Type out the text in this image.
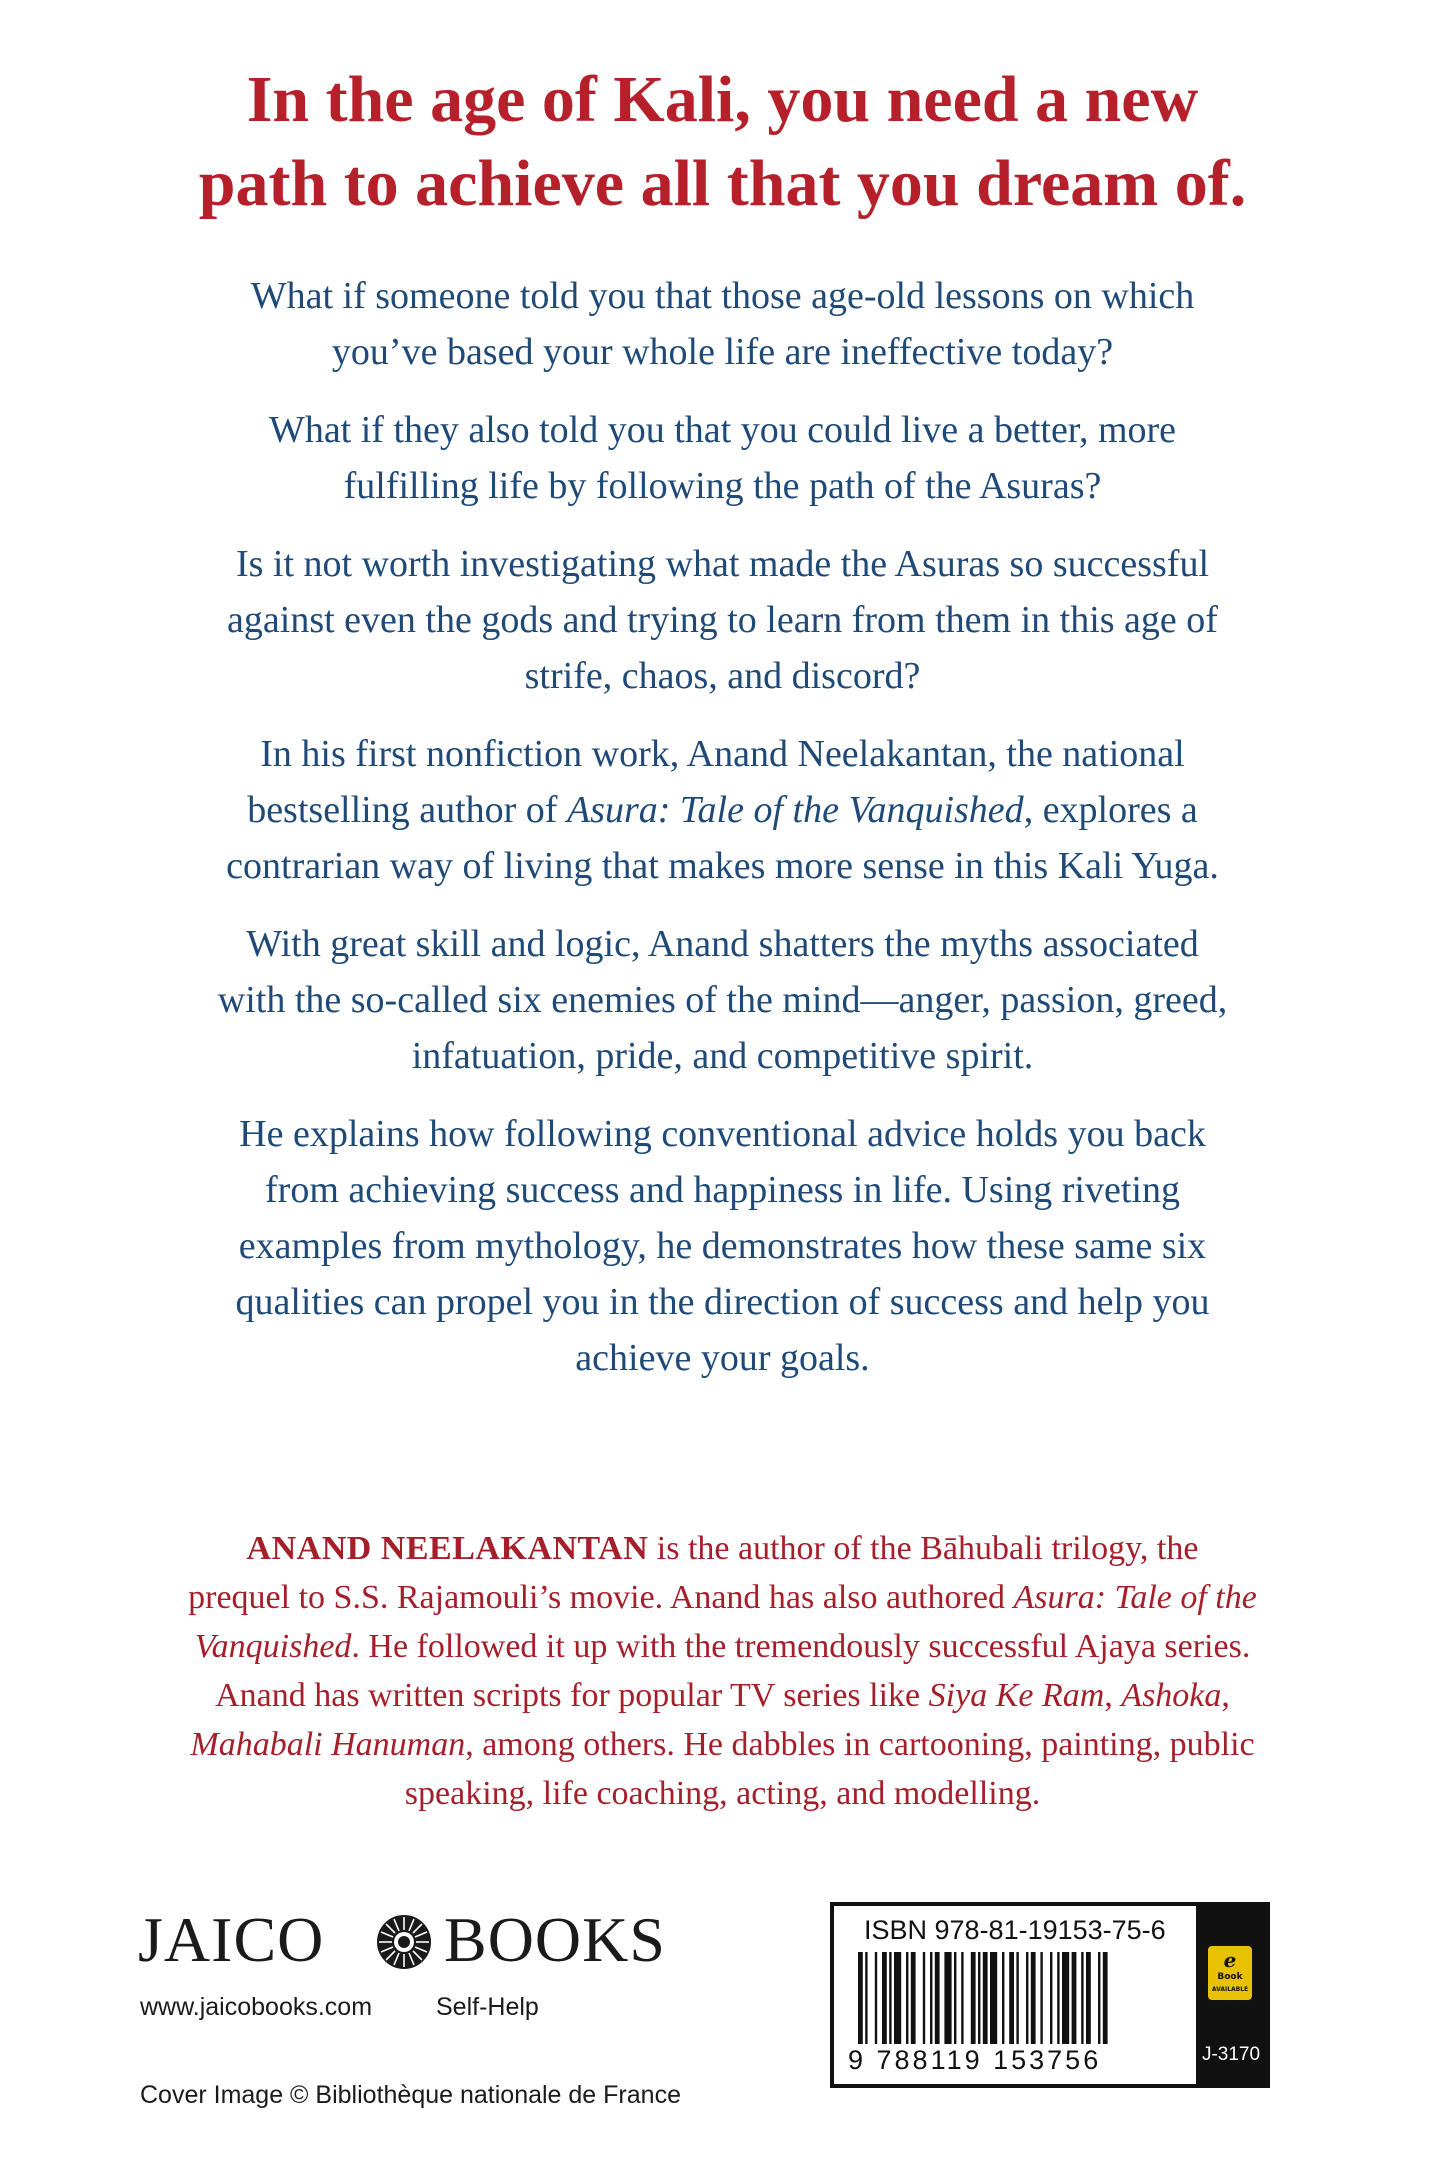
In the age of Kali, you need a new
path to achieve all that you dream of.

What if someone told you that those age-old lessons on which
you’ve based your whole life are ineffective today?

What if they also told you that you could live a better, more
fulfilling life by following the path of the Asuras?

Is it not worth investigating what made the Asuras so successful
against even the gods and trying to learn from them in this age of
strife, chaos, and discord?

In his first nonfiction work, Anand Neelakantan, the national
bestselling author of Asura: Tale of the Vanquished, explores a
contrarian way of living that makes more sense in this Kali Yuga.

With great skill and logic, Anand shatters the myths associated
with the so-called six enemies of the mind—anger, passion, greed,
infatuation, pride, and competitive spirit.

He explains how following conventional advice holds you back
from achieving success and happiness in life. Using riveting
examples from mythology, he demonstrates how these same six
qualities can propel you in the direction of success and help you
achieve your goals.

ANAND NEELAKANTAN is the author of the Bāhubali trilogy, the
prequel to S.S. Rajamouli’s movie. Anand has also authored Asura: Tale of the
Vanquished. He followed it up with the tremendously successful Ajaya series.
Anand has written scripts for popular TV series like Siya Ke Ram, Ashoka,
Mahabali Hanuman, among others. He dabbles in cartooning, painting, public
speaking, life coaching, acting, and modelling.
JAICO BOOKS
www.jaicobooks.com	Self-Help
Cover Image © Bibliothèque nationale de France
ISBN 978-81-19153-75-6
9 788119 153756
e
Book
AVAILABLE
J-3170
